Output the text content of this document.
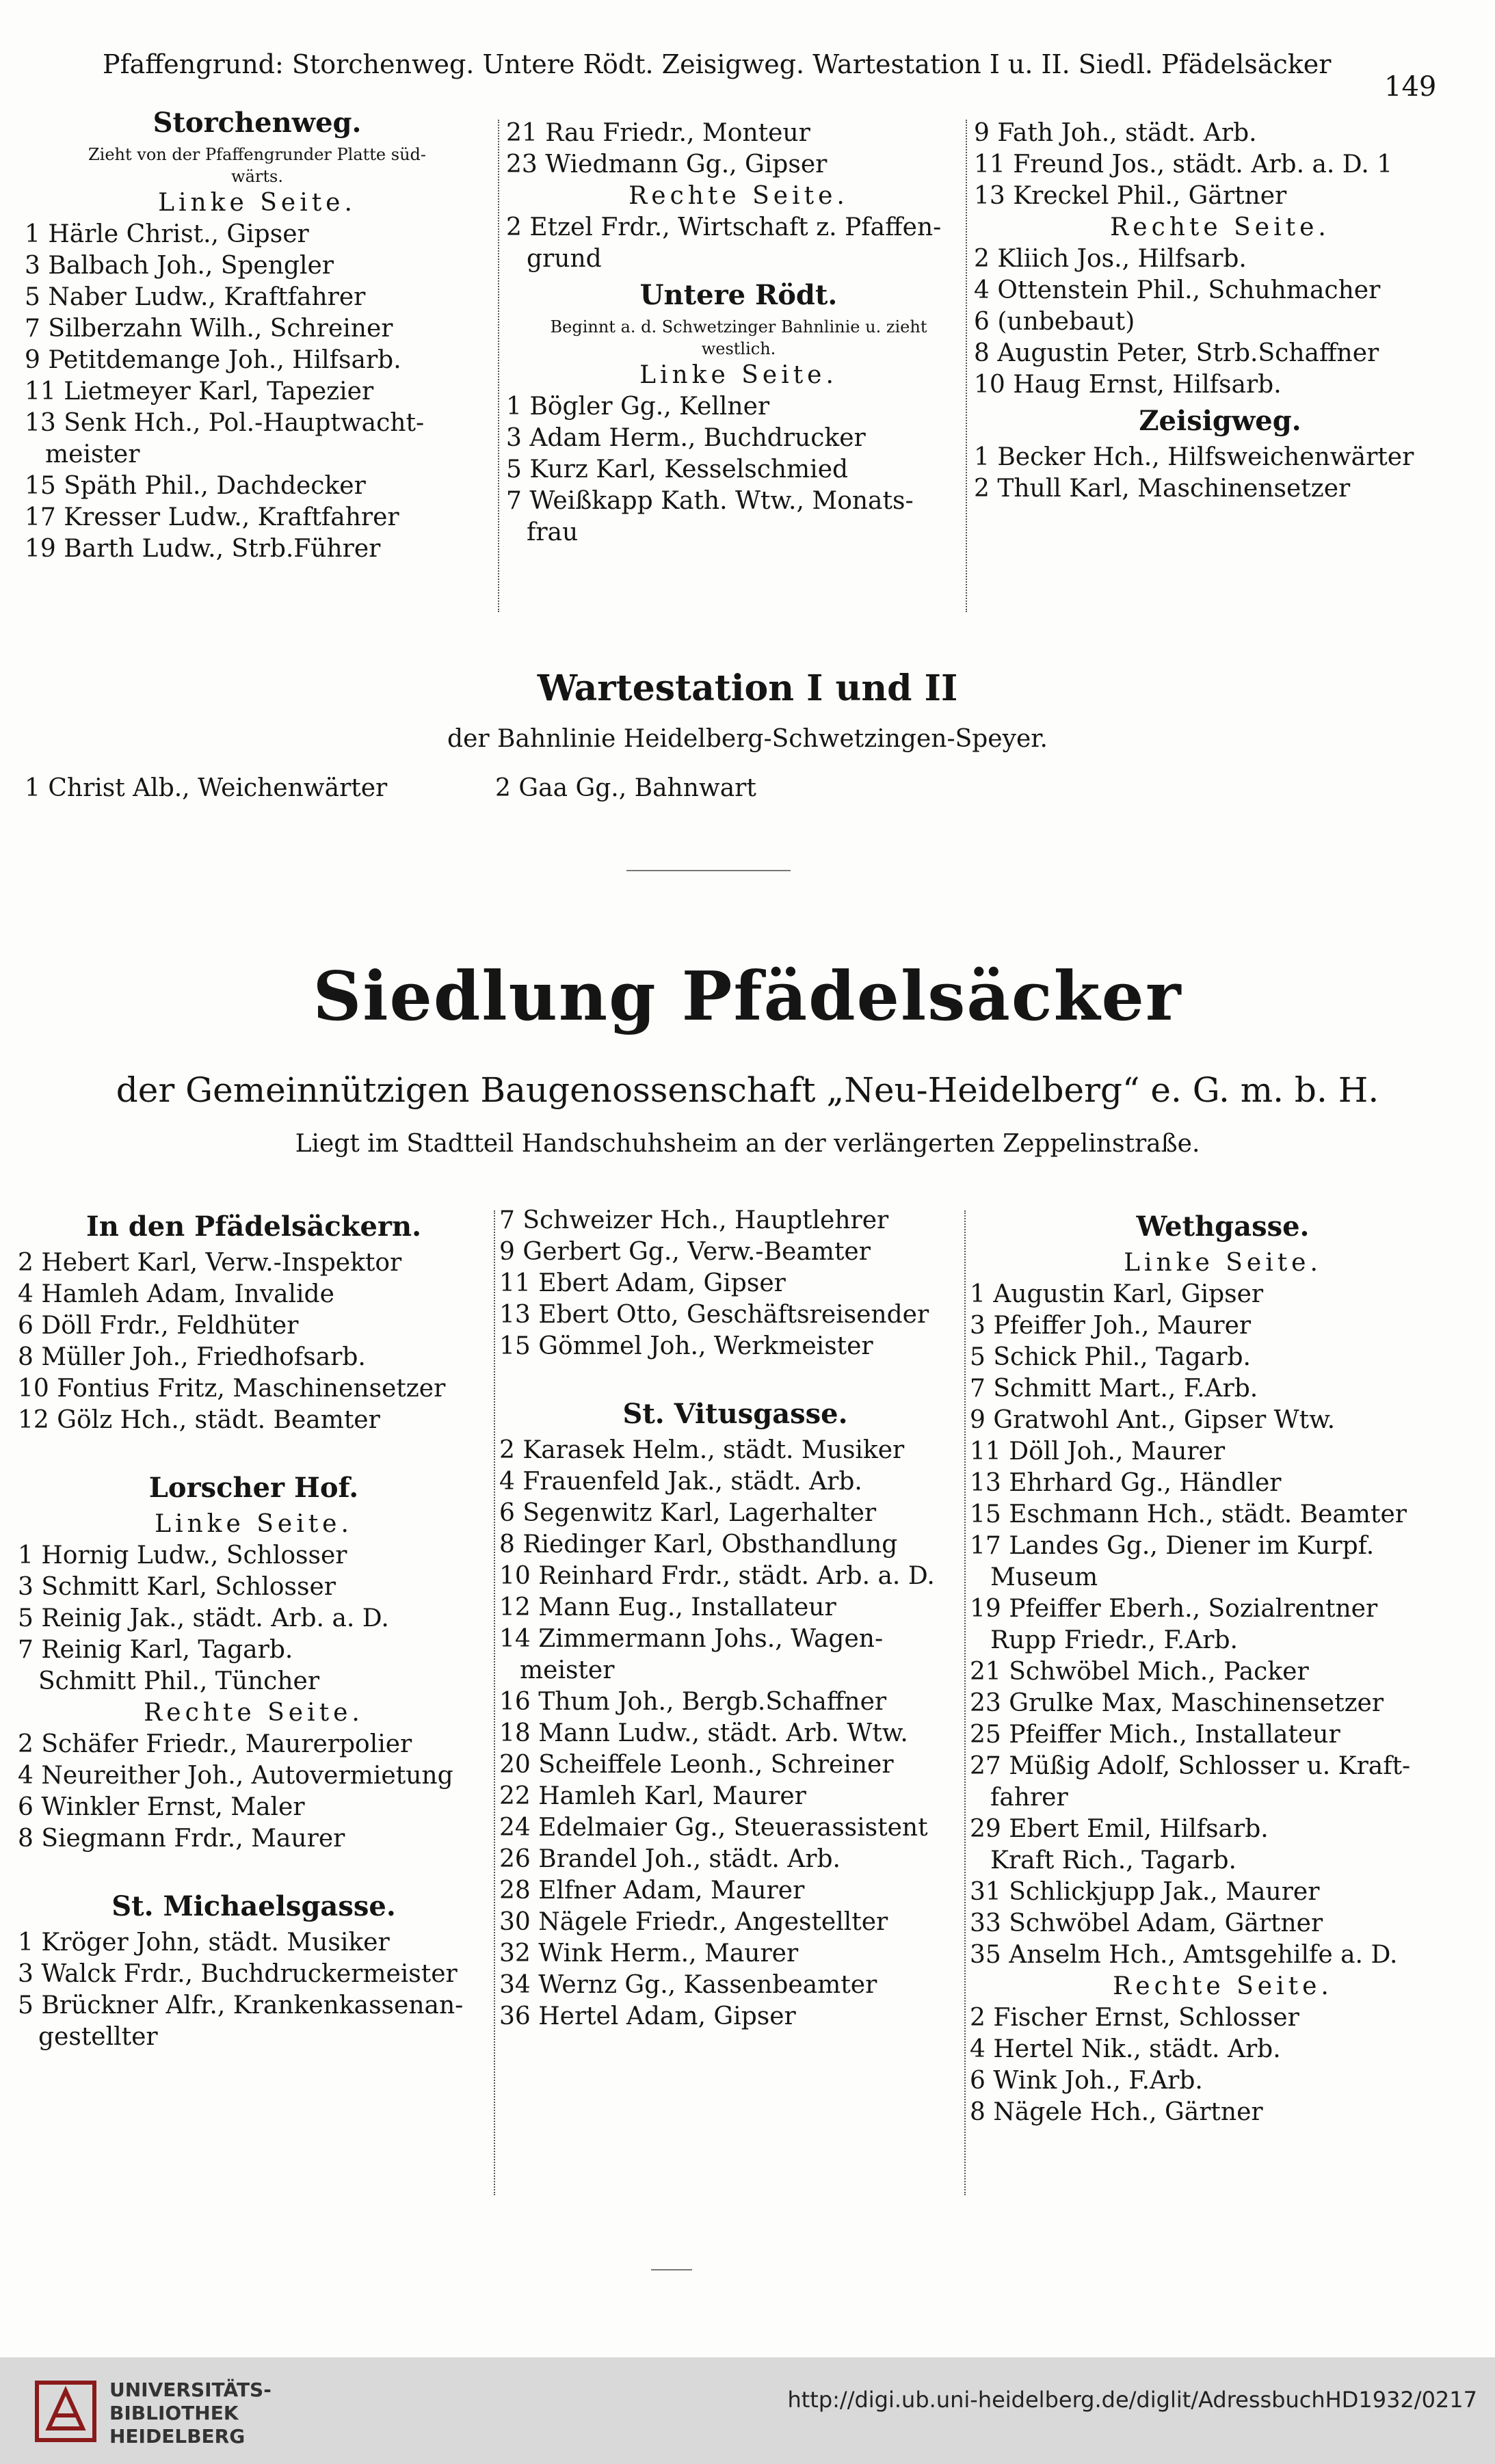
Pfaffengrund: Storchenweg. Untere Rödt. Zeisigweg. Wartestation I u. II. Siedl. Pfädelsäcker
149
Storchenweg.
Zieht von der Pfaffengrunder Platte süd-
wärts.
Linke Seite.
1 Härle Christ., Gipser
3 Balbach Joh., Spengler
5 Naber Ludw., Kraftfahrer
7 Silberzahn Wilh., Schreiner
9 Petitdemange Joh., Hilfsarb.
11 Lietmeyer Karl, Tapezier
13 Senk Hch., Pol.-Hauptwacht-
meister
15 Späth Phil., Dachdecker
17 Kresser Ludw., Kraftfahrer
19 Barth Ludw., Strb.Führer
21 Rau Friedr., Monteur
23 Wiedmann Gg., Gipser
Rechte Seite.
2 Etzel Frdr., Wirtschaft z. Pfaffen-
grund
Untere Rödt.
Beginnt a. d. Schwetzinger Bahnlinie u. zieht
westlich.
Linke Seite.
1 Bögler Gg., Kellner
3 Adam Herm., Buchdrucker
5 Kurz Karl, Kesselschmied
7 Weißkapp Kath. Wtw., Monats-
frau
9 Fath Joh., städt. Arb.
11 Freund Jos., städt. Arb. a. D. 1
13 Kreckel Phil., Gärtner
Rechte Seite.
2 Kliich Jos., Hilfsarb.
4 Ottenstein Phil., Schuhmacher
6 (unbebaut)
8 Augustin Peter, Strb.Schaffner
10 Haug Ernst, Hilfsarb.
Zeisigweg.
1 Becker Hch., Hilfsweichenwärter
2 Thull Karl, Maschinensetzer
Wartestation I und II
der Bahnlinie Heidelberg-Schwetzingen-Speyer.
1 Christ Alb., Weichenwärter	2 Gaa Gg., Bahnwart
Siedlung Pfädelsäcker
der Gemeinnützigen Baugenossenschaft „Neu-Heidelberg“ e. G. m. b. H.
Liegt im Stadtteil Handschuhsheim an der verlängerten Zeppelinstraße.
In den Pfädelsäckern.
2 Hebert Karl, Verw.-Inspektor
4 Hamleh Adam, Invalide
6 Döll Frdr., Feldhüter
8 Müller Joh., Friedhofsarb.
10 Fontius Fritz, Maschinensetzer
12 Gölz Hch., städt. Beamter
Lorscher Hof.
Linke Seite.
1 Hornig Ludw., Schlosser
3 Schmitt Karl, Schlosser
5 Reinig Jak., städt. Arb. a. D.
7 Reinig Karl, Tagarb.
Schmitt Phil., Tüncher
Rechte Seite.
2 Schäfer Friedr., Maurerpolier
4 Neureither Joh., Autovermietung
6 Winkler Ernst, Maler
8 Siegmann Frdr., Maurer
St. Michaelsgasse.
1 Kröger John, städt. Musiker
3 Walck Frdr., Buchdruckermeister
5 Brückner Alfr., Krankenkassenan-
gestellter
7 Schweizer Hch., Hauptlehrer
9 Gerbert Gg., Verw.-Beamter
11 Ebert Adam, Gipser
13 Ebert Otto, Geschäftsreisender
15 Gömmel Joh., Werkmeister
St. Vitusgasse.
2 Karasek Helm., städt. Musiker
4 Frauenfeld Jak., städt. Arb.
6 Segenwitz Karl, Lagerhalter
8 Riedinger Karl, Obsthandlung
10 Reinhard Frdr., städt. Arb. a. D.
12 Mann Eug., Installateur
14 Zimmermann Johs., Wagen-
meister
16 Thum Joh., Bergb.Schaffner
18 Mann Ludw., städt. Arb. Wtw.
20 Scheiffele Leonh., Schreiner
22 Hamleh Karl, Maurer
24 Edelmaier Gg., Steuerassistent
26 Brandel Joh., städt. Arb.
28 Elfner Adam, Maurer
30 Nägele Friedr., Angestellter
32 Wink Herm., Maurer
34 Wernz Gg., Kassenbeamter
36 Hertel Adam, Gipser
Wethgasse.
Linke Seite.
1 Augustin Karl, Gipser
3 Pfeiffer Joh., Maurer
5 Schick Phil., Tagarb.
7 Schmitt Mart., F.Arb.
9 Gratwohl Ant., Gipser Wtw.
11 Döll Joh., Maurer
13 Ehrhard Gg., Händler
15 Eschmann Hch., städt. Beamter
17 Landes Gg., Diener im Kurpf.
Museum
19 Pfeiffer Eberh., Sozialrentner
Rupp Friedr., F.Arb.
21 Schwöbel Mich., Packer
23 Grulke Max, Maschinensetzer
25 Pfeiffer Mich., Installateur
27 Müßig Adolf, Schlosser u. Kraft-
fahrer
29 Ebert Emil, Hilfsarb.
Kraft Rich., Tagarb.
31 Schlickjupp Jak., Maurer
33 Schwöbel Adam, Gärtner
35 Anselm Hch., Amtsgehilfe a. D.
Rechte Seite.
2 Fischer Ernst, Schlosser
4 Hertel Nik., städt. Arb.
6 Wink Joh., F.Arb.
8 Nägele Hch., Gärtner
UNIVERSITÄTS-
BIBLIOTHEK
HEIDELBERG
http://digi.ub.uni-heidelberg.de/diglit/AdressbuchHD1932/0217
